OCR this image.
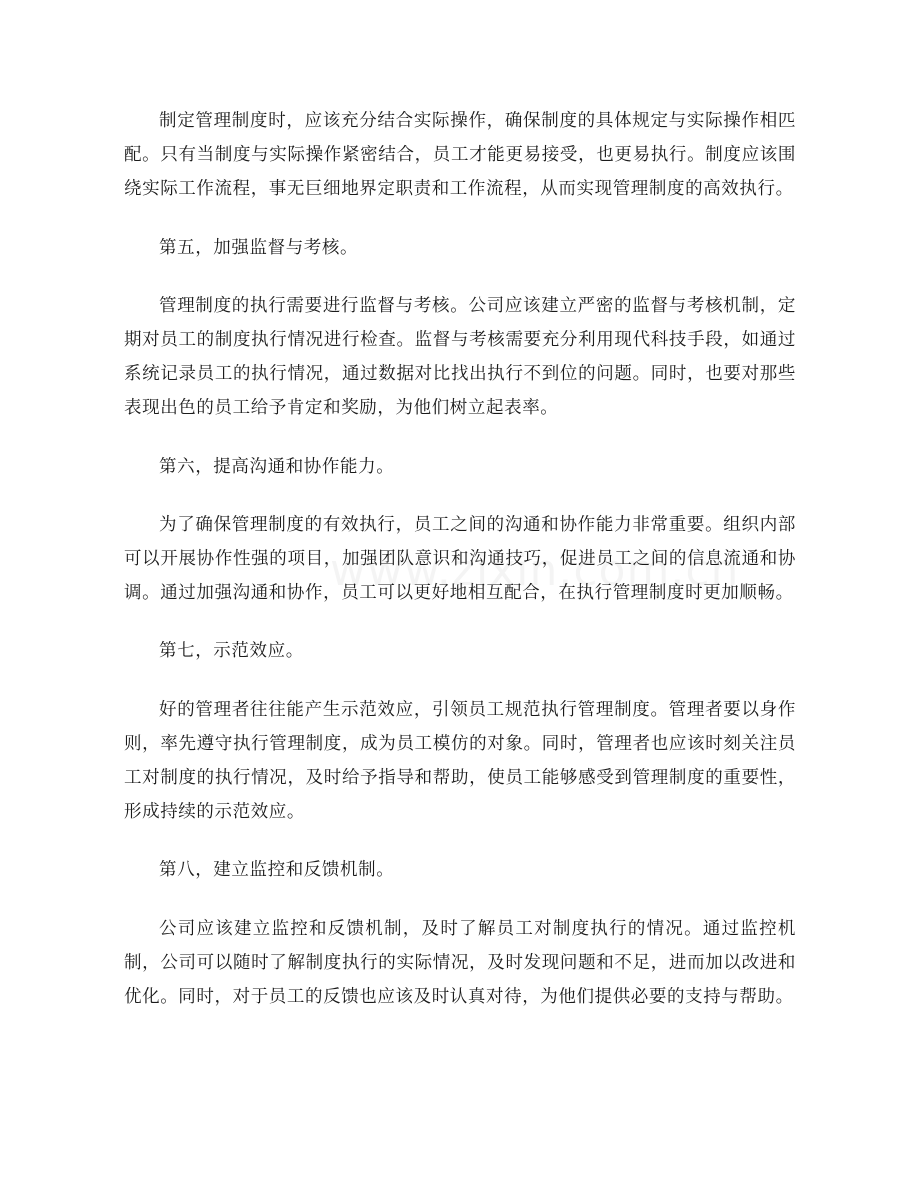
制定管理制度时，应该充分结合实际操作，确保制度的具体规定与实际操作相匹配。只有当制度与实际操作紧密结合，员工才能更易接受，也更易执行。制度应该围绕实际工作流程，事无巨细地界定职责和工作流程，从而实现管理制度的高效执行。

第五，加强监督与考核。

管理制度的执行需要进行监督与考核。公司应该建立严密的监督与考核机制，定期对员工的制度执行情况进行检查。监督与考核需要充分利用现代科技手段，如通过系统记录员工的执行情况，通过数据对比找出执行不到位的问题。同时，也要对那些表现出色的员工给予肯定和奖励，为他们树立起表率。

第六，提高沟通和协作能力。

为了确保管理制度的有效执行，员工之间的沟通和协作能力非常重要。组织内部可以开展协作性强的项目，加强团队意识和沟通技巧，促进员工之间的信息流通和协调。通过加强沟通和协作，员工可以更好地相互配合，在执行管理制度时更加顺畅。

第七，示范效应。

好的管理者往往能产生示范效应，引领员工规范执行管理制度。管理者要以身作则，率先遵守执行管理制度，成为员工模仿的对象。同时，管理者也应该时刻关注员工对制度的执行情况，及时给予指导和帮助，使员工能够感受到管理制度的重要性，形成持续的示范效应。

第八，建立监控和反馈机制。

公司应该建立监控和反馈机制，及时了解员工对制度执行的情况。通过监控机制，公司可以随时了解制度执行的实际情况，及时发现问题和不足，进而加以改进和优化。同时，对于员工的反馈也应该及时认真对待，为他们提供必要的支持与帮助。
